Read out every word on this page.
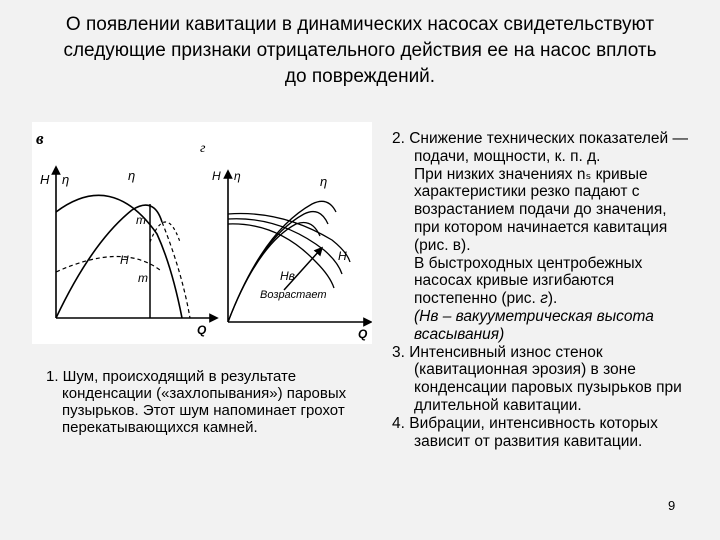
О появлении кавитации в динамических насосах свидетельствуют
следующие признаки отрицательного действия ее на насос вплоть
до повреждений.
в
H η	η
H
m
m
Q
г
H η	η
H
Hв
Возрастает
Q
1. Шум, происходящий в результате конденсации («захлопывания») паровых пузырьков. Этот шум напоминает грохот перекатывающихся камней.
2. Снижение технических показателей — подачи, мощности, к. п. д.
При низких значениях nₛ кривые характеристики резко падают с возрастанием подачи до значения, при котором начинается кавитация (рис. в).
В быстроходных центробежных насосах кривые изгибаются постепенно (рис. г).
(Hв – вакууметрическая высота всасывания)
3. Интенсивный износ стенок (кавитационная эрозия) в зоне конденсации паровых пузырьков при длительной кавитации.
4. Вибрации, интенсивность которых зависит от развития кавитации.
9
